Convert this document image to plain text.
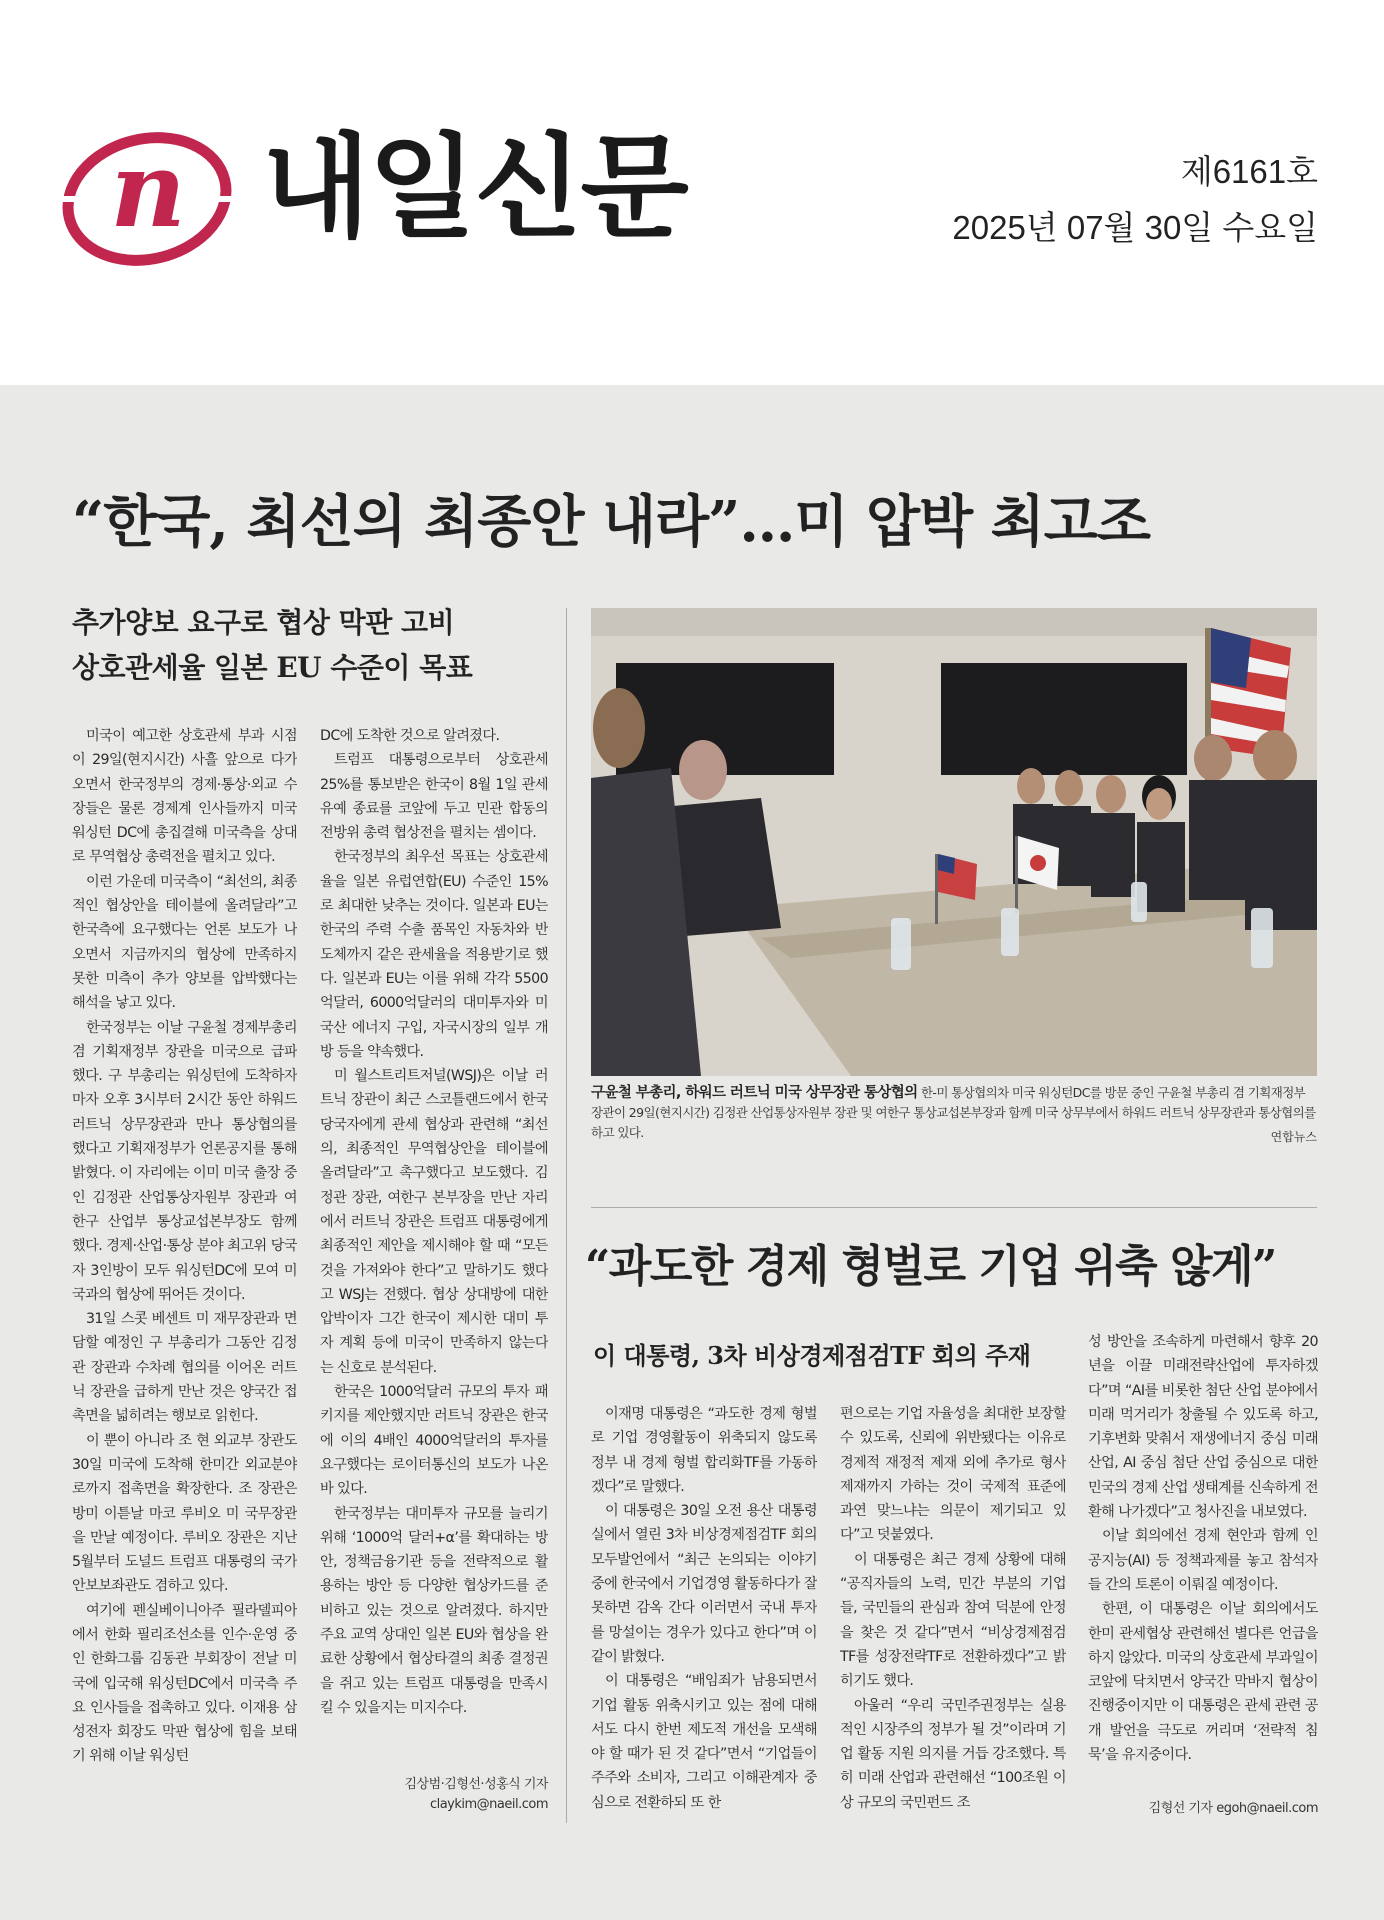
n 내일신문	제6161호
2025년 07월 30일 수요일
“한국, 최선의 최종안 내라”…미 압박 최고조
추가양보 요구로 협상 막판 고비
상호관세율 일본 EU 수준이 목표

미국이 예고한 상호관세 부과 시점이 29일(현지시간) 사흘 앞으로 다가오면서 한국정부의 경제·통상·외교 수장들은 물론 경제계 인사들까지 미국 워싱턴 DC에 총집결해 미국측을 상대로 무역협상 총력전을 펼치고 있다.

이런 가운데 미국측이 “최선의, 최종적인 협상안을 테이블에 올려달라”고 한국측에 요구했다는 언론 보도가 나오면서 지금까지의 협상에 만족하지 못한 미측이 추가 양보를 압박했다는 해석을 낳고 있다.

한국정부는 이날 구윤철 경제부총리 겸 기획재정부 장관을 미국으로 급파했다. 구 부총리는 워싱턴에 도착하자마자 오후 3시부터 2시간 동안 하워드 러트닉 상무장관과 만나 통상협의를 했다고 기획재정부가 언론공지를 통해 밝혔다. 이 자리에는 이미 미국 출장 중인 김정관 산업통상자원부 장관과 여한구 산업부 통상교섭본부장도 함께 했다. 경제·산업·통상 분야 최고위 당국자 3인방이 모두 워싱턴DC에 모여 미국과의 협상에 뛰어든 것이다.

31일 스콧 베센트 미 재무장관과 면담할 예정인 구 부총리가 그동안 김정관 장관과 수차례 협의를 이어온 러트닉 장관을 급하게 만난 것은 양국간 접촉면을 넓히려는 행보로 읽힌다.

이 뿐이 아니라 조 현 외교부 장관도 30일 미국에 도착해 한미간 외교분야로까지 접촉면을 확장한다. 조 장관은 방미 이튿날 마코 루비오 미 국무장관을 만날 예정이다. 루비오 장관은 지난 5월부터 도널드 트럼프 대통령의 국가안보보좌관도 겸하고 있다.

여기에 펜실베이니아주 필라델피아에서 한화 필리조선소를 인수·운영 중인 한화그룹 김동관 부회장이 전날 미국에 입국해 워싱턴DC에서 미국측 주요 인사들을 접촉하고 있다. 이재용 삼성전자 회장도 막판 협상에 힘을 보태기 위해 이날 워싱턴

DC에 도착한 것으로 알려졌다.

트럼프 대통령으로부터 상호관세 25%를 통보받은 한국이 8월 1일 관세 유예 종료를 코앞에 두고 민관 합동의 전방위 총력 협상전을 펼치는 셈이다.

한국정부의 최우선 목표는 상호관세율을 일본 유럽연합(EU) 수준인 15%로 최대한 낮추는 것이다. 일본과 EU는 한국의 주력 수출 품목인 자동차와 반도체까지 같은 관세율을 적용받기로 했다. 일본과 EU는 이를 위해 각각 5500억달러, 6000억달러의 대미투자와 미국산 에너지 구입, 자국시장의 일부 개방 등을 약속했다.

미 월스트리트저널(WSJ)은 이날 러트닉 장관이 최근 스코틀랜드에서 한국 당국자에게 관세 협상과 관련해 “최선의, 최종적인 무역협상안을 테이블에 올려달라”고 촉구했다고 보도했다. 김정관 장관, 여한구 본부장을 만난 자리에서 러트닉 장관은 트럼프 대통령에게 최종적인 제안을 제시해야 할 때 “모든 것을 가져와야 한다”고 말하기도 했다고 WSJ는 전했다. 협상 상대방에 대한 압박이자 그간 한국이 제시한 대미 투자 계획 등에 미국이 만족하지 않는다는 신호로 분석된다.

한국은 1000억달러 규모의 투자 패키지를 제안했지만 러트닉 장관은 한국에 이의 4배인 4000억달러의 투자를 요구했다는 로이터통신의 보도가 나온 바 있다.

한국정부는 대미투자 규모를 늘리기 위해 ‘1000억 달러+α’를 확대하는 방안, 정책금융기관 등을 전략적으로 활용하는 방안 등 다양한 협상카드를 준비하고 있는 것으로 알려졌다. 하지만 주요 교역 상대인 일본 EU와 협상을 완료한 상황에서 협상타결의 최종 결정권을 쥐고 있는 트럼프 대통령을 만족시킬 수 있을지는 미지수다.

김상범·김형선·성홍식 기자
claykim@naeil.com
구윤철 부총리, 하워드 러트닉 미국 상무장관 통상협의 한-미 통상협의차 미국 워싱턴DC를 방문 중인 구윤철 부총리 겸 기획재정부 장관이 29일(현지시간) 김정관 산업통상자원부 장관 및 여한구 통상교섭본부장과 함께 미국 상무부에서 하워드 러트닉 상무장관과 통상협의를 하고 있다.	연합뉴스
“과도한 경제 형벌로 기업 위축 않게”
이 대통령, 3차 비상경제점검TF 회의 주재

이재명 대통령은 “과도한 경제 형벌로 기업 경영활동이 위축되지 않도록 정부 내 경제 형벌 합리화TF를 가동하겠다”로 말했다.

이 대통령은 30일 오전 용산 대통령실에서 열린 3차 비상경제점검TF 회의 모두발언에서 “최근 논의되는 이야기 중에 한국에서 기업경영 활동하다가 잘못하면 감옥 간다 이러면서 국내 투자를 망설이는 경우가 있다고 한다”며 이같이 밝혔다.

이 대통령은 “배임죄가 남용되면서 기업 활동 위축시키고 있는 점에 대해서도 다시 한번 제도적 개선을 모색해야 할 때가 된 것 같다”면서 “기업들이 주주와 소비자, 그리고 이해관계자 중심으로 전환하되 또 한

편으로는 기업 자율성을 최대한 보장할 수 있도록, 신뢰에 위반됐다는 이유로 경제적 재정적 제재 외에 추가로 형사제재까지 가하는 것이 국제적 표준에 과연 맞느냐는 의문이 제기되고 있다”고 덧붙였다.

이 대통령은 최근 경제 상황에 대해 “공직자들의 노력, 민간 부분의 기업들, 국민들의 관심과 참여 덕분에 안정을 찾은 것 같다”면서 “비상경제점검TF를 성장전략TF로 전환하겠다”고 밝히기도 했다.

아울러 “우리 국민주권정부는 실용적인 시장주의 정부가 될 것”이라며 기업 활동 지원 의지를 거듭 강조했다. 특히 미래 산업과 관련해선 “100조원 이상 규모의 국민펀드 조

성 방안을 조속하게 마련해서 향후 20년을 이끌 미래전략산업에 투자하겠다”며 “AI를 비롯한 첨단 산업 분야에서 미래 먹거리가 창출될 수 있도록 하고, 기후변화 맞춰서 재생에너지 중심 미래 산업, AI 중심 첨단 산업 중심으로 대한민국의 경제 산업 생태계를 신속하게 전환해 나가겠다”고 청사진을 내보였다.

이날 회의에선 경제 현안과 함께 인공지능(AI) 등 정책과제를 놓고 참석자들 간의 토론이 이뤄질 예정이다.

한편, 이 대통령은 이날 회의에서도 한미 관세협상 관련해선 별다른 언급을 하지 않았다. 미국의 상호관세 부과일이 코앞에 닥치면서 양국간 막바지 협상이 진행중이지만 이 대통령은 관세 관련 공개 발언을 극도로 꺼리며 ‘전략적 침묵’을 유지중이다.

김형선 기자 egoh@naeil.com
